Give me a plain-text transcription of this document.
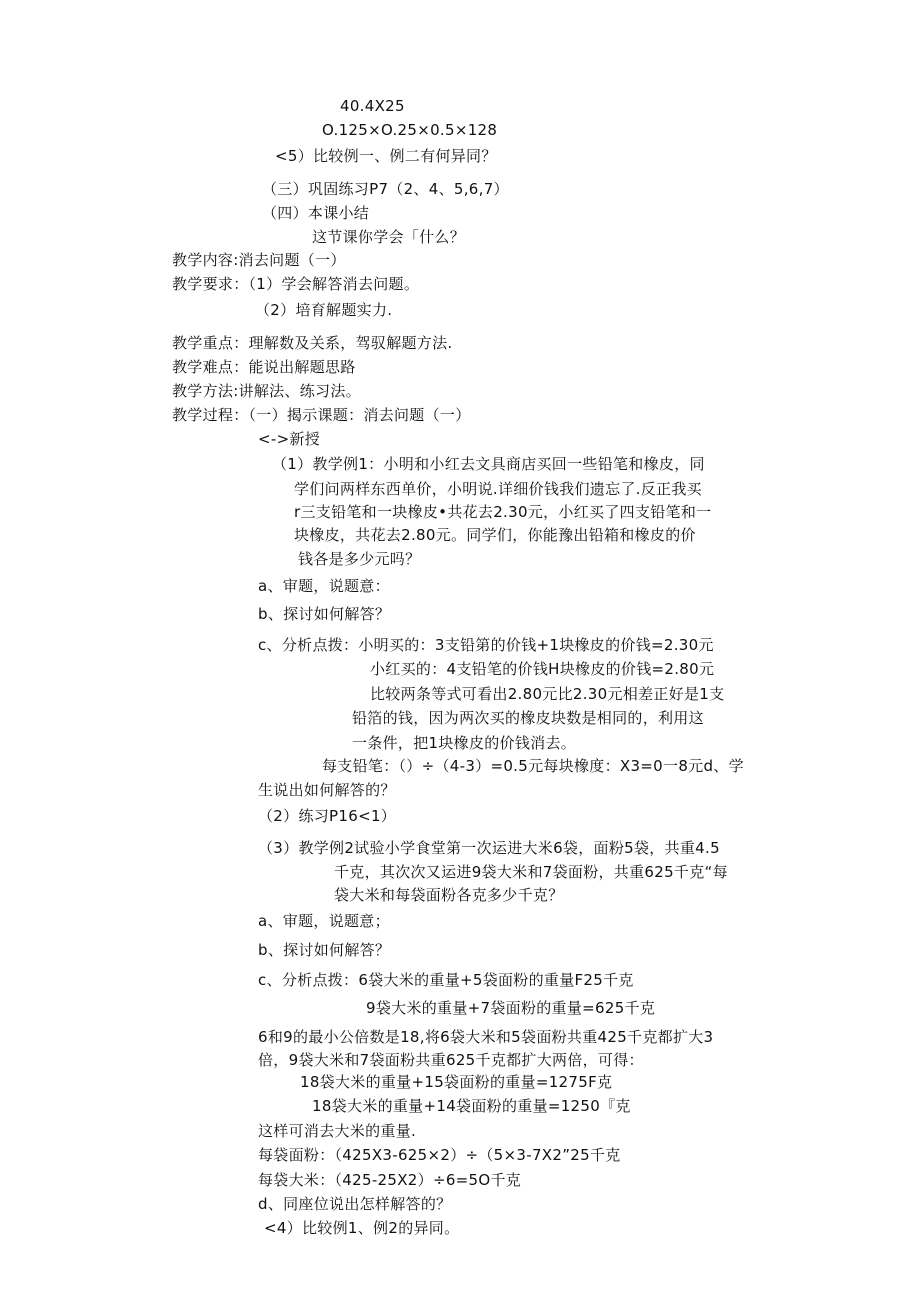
40.4X25
O.125×O.25×0.5×128
<5）比较例一、例二有何异同？
（三）巩固练习P7（2、4、5,6,7）
（四）本课小结
这节课你学会「什么？
教学内容:消去问题（一）
教学要求：（1）学会解答消去问题。
（2）培育解题实力.
教学重点：理解数及关系，驾驭解题方法.
教学难点：能说出解题思路
教学方法:讲解法、练习法。
教学过程：（一）揭示课题：消去问题（一）
<->新授
（1）教学例1：小明和小红去文具商店买回一些铅笔和橡皮，同
学们问两样东西单价，小明说.详细价钱我们遗忘了.反正我买
r三支铅笔和一块橡皮•共花去2.30元，小红买了四支铅笔和一
块橡皮，共花去2.80元。同学们，你能豫出铅箱和橡皮的价
钱各是多少元吗？
a、审题，说题意：
b、探讨如何解答？
c、分析点拨：小明买的：3支铅第的价钱+1块橡皮的价钱=2.30元
小红买的：4支铅笔的价钱H块橡皮的价钱=2.80元
比较两条等式可看出2.80元比2.30元相差正好是1支
铅箔的钱，因为两次买的橡皮块数是相同的，利用这
一条件，把1块橡皮的价钱消去。
每支铅笔：（）÷（4-3）=0.5元每块橡度：X3=0一8元d、学
生说出如何解答的？
（2）练习P16<1）
（3）教学例2试验小学食堂第一次运进大米6袋，面粉5袋，共重4.5
千克，其次次又运进9袋大米和7袋面粉，共重625千克“每
袋大米和每袋面粉各克多少千克？
a、审题，说题意；
b、探讨如何解答？
c、分析点拨：6袋大米的重量+5袋面粉的重量F25千克
9袋大米的重量+7袋面粉的重量=625千克
6和9的最小公倍数是18,将6袋大米和5袋面粉共重425千克都扩大3
倍，9袋大米和7袋面粉共重625千克都扩大两倍，可得：
18袋大米的重量+15袋面粉的重量=1275F克
18袋大米的重量+14袋面粉的重量=1250『克
这样可消去大米的重量.
每袋面粉：（425X3-625×2）÷（5×3-7X2”25千克
每袋大米：（425-25X2）÷6=5O千克
d、同座位说出怎样解答的？
<4）比较例1、例2的异同。
